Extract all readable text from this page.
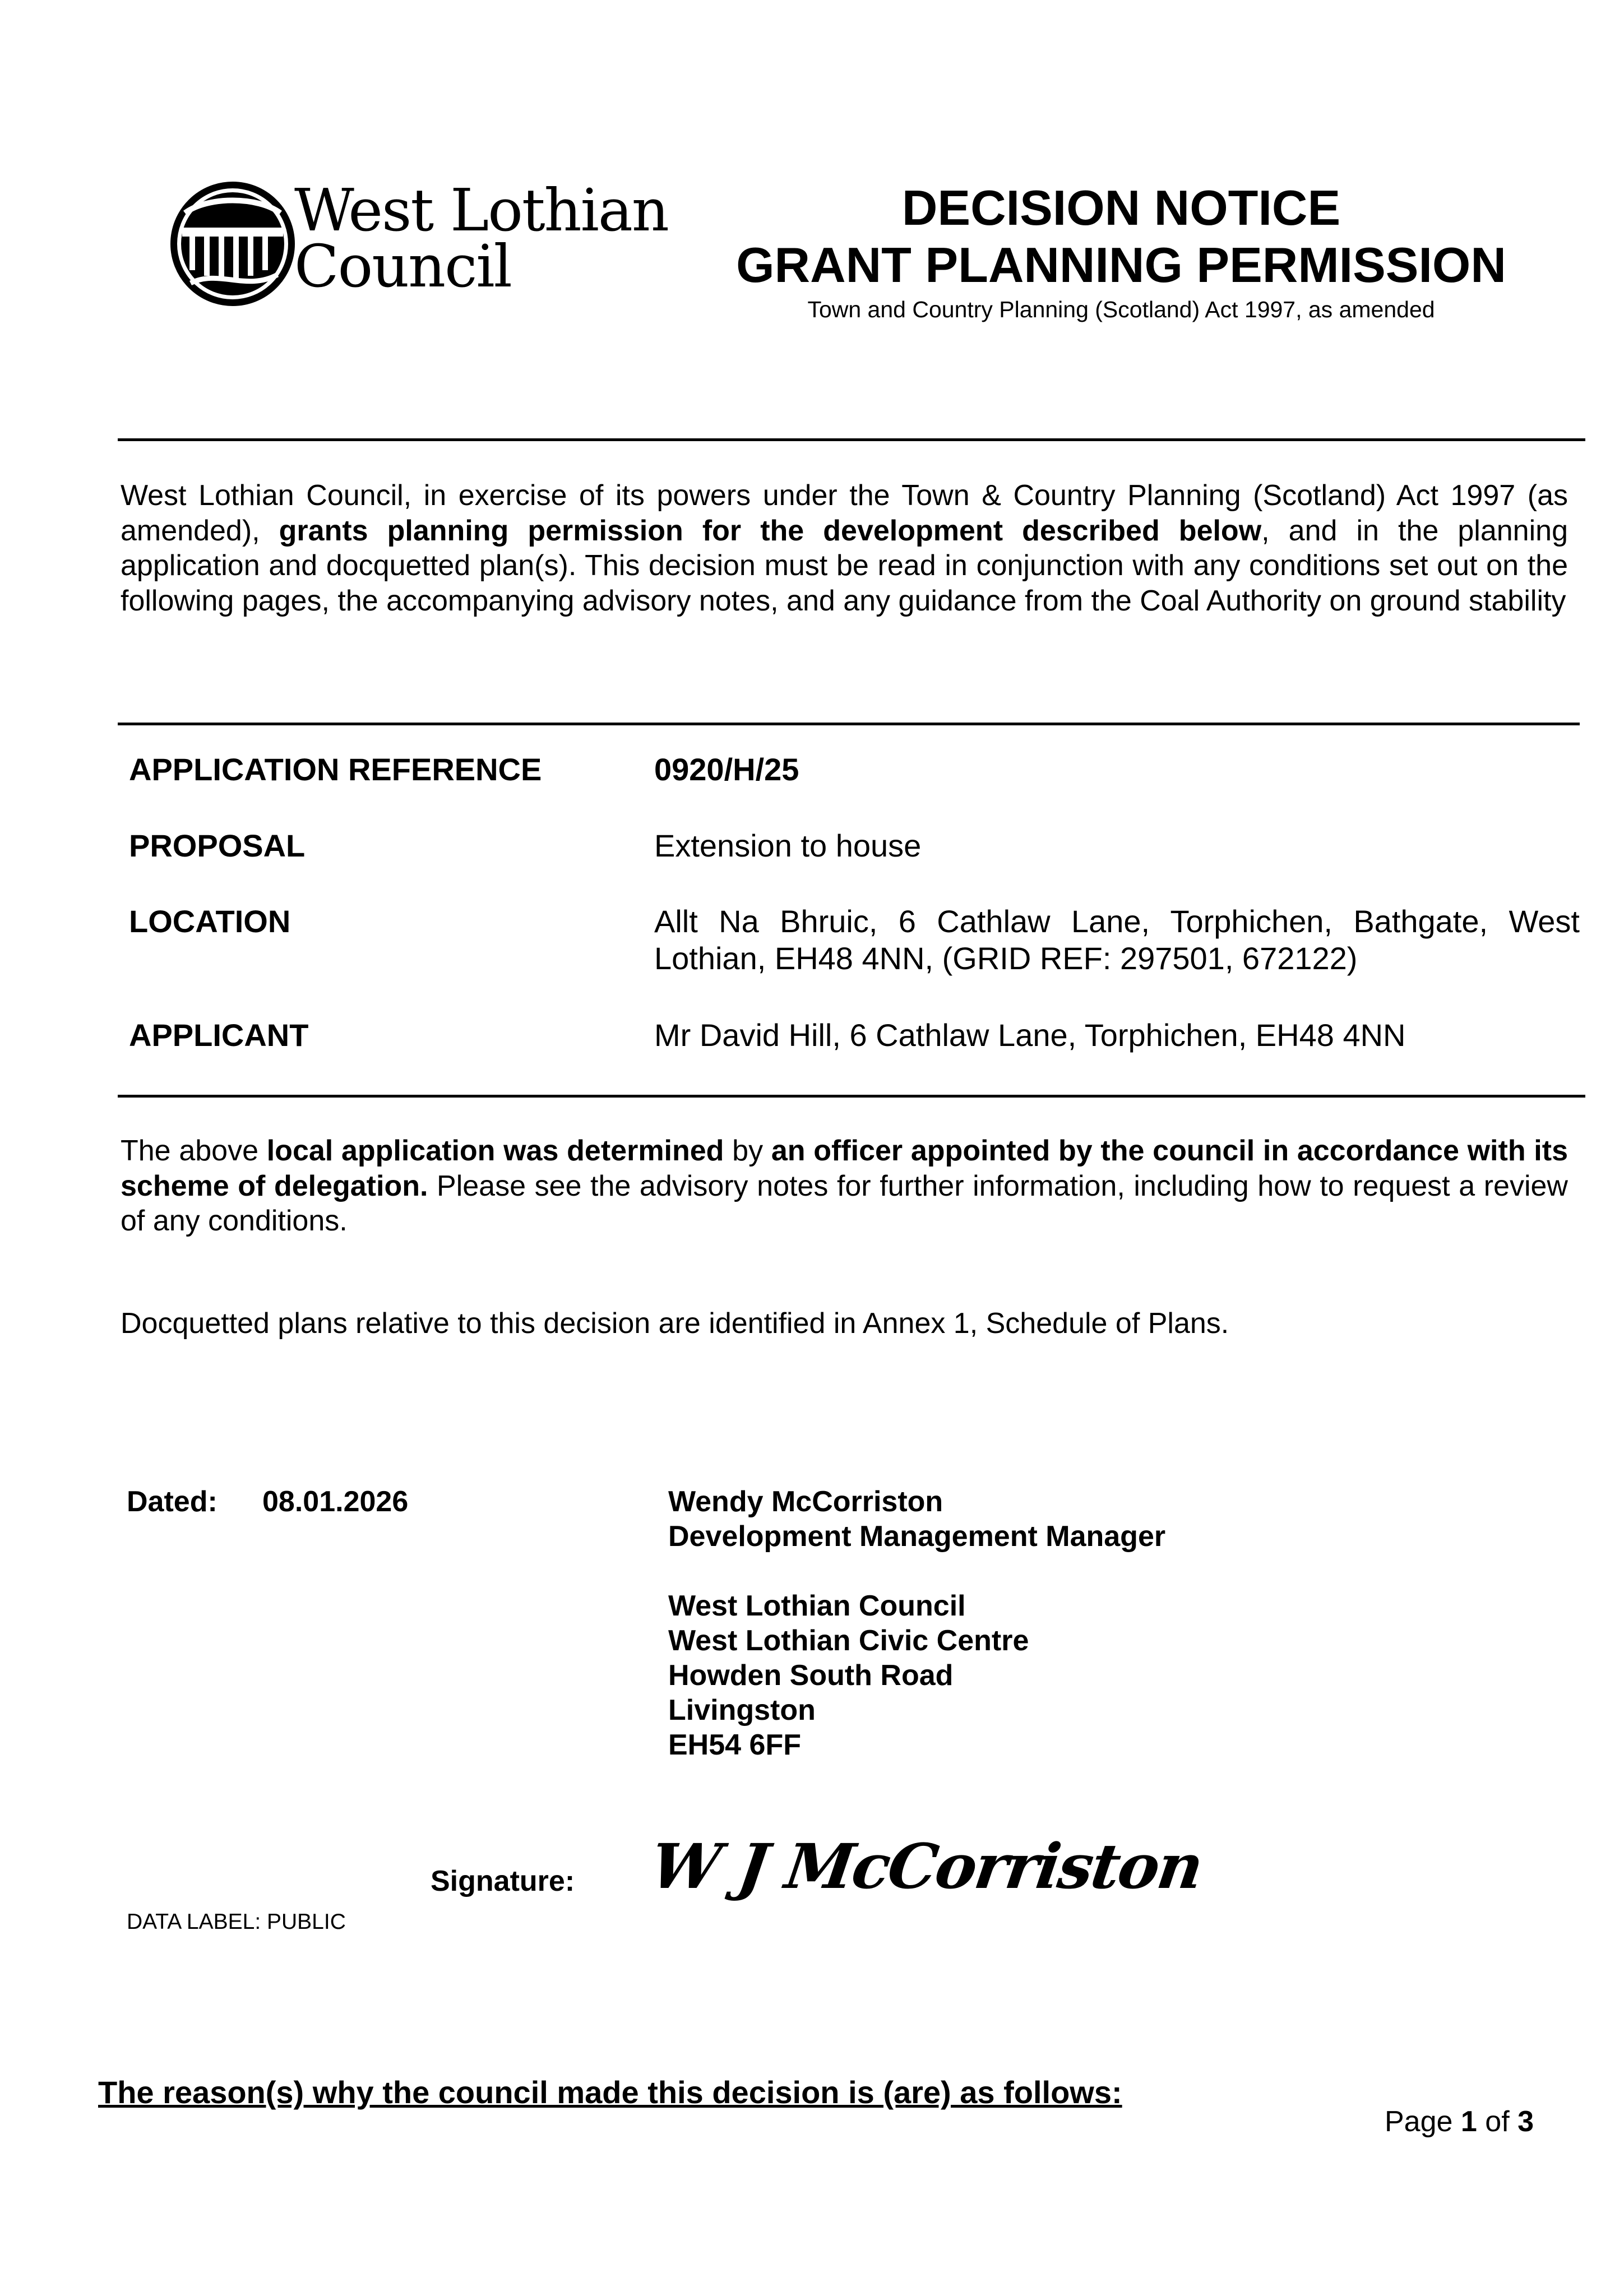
West Lothian
Council
DECISION NOTICE
GRANT PLANNING PERMISSION
Town and Country Planning (Scotland) Act 1997, as amended
West Lothian Council, in exercise of its powers under the Town & Country Planning (Scotland) Act 1997 (as amended), grants planning permission for the development described below, and in the planning application and docquetted plan(s). This decision must be read in conjunction with any conditions set out on the following pages, the accompanying advisory notes, and any guidance from the Coal Authority on ground stability
APPLICATION REFERENCE	0920/H/25
PROPOSAL	Extension to house
LOCATION	Allt Na Bhruic, 6 Cathlaw Lane, Torphichen, Bathgate, West Lothian, EH48 4NN, (GRID REF: 297501, 672122)
APPLICANT	Mr David Hill, 6 Cathlaw Lane, Torphichen, EH48 4NN
The above local application was determined by an officer appointed by the council in accordance with its scheme of delegation. Please see the advisory notes for further information, including how to request a review of any conditions.
Docquetted plans relative to this decision are identified in Annex 1, Schedule of Plans.
Dated: 08.01.2026	Wendy McCorriston
Development Management Manager
West Lothian Council
West Lothian Civic Centre
Howden South Road
Livingston
EH54 6FF
Signature: W J McCorriston
DATA LABEL: PUBLIC
The reason(s) why the council made this decision is (are) as follows:
Page 1 of 3
